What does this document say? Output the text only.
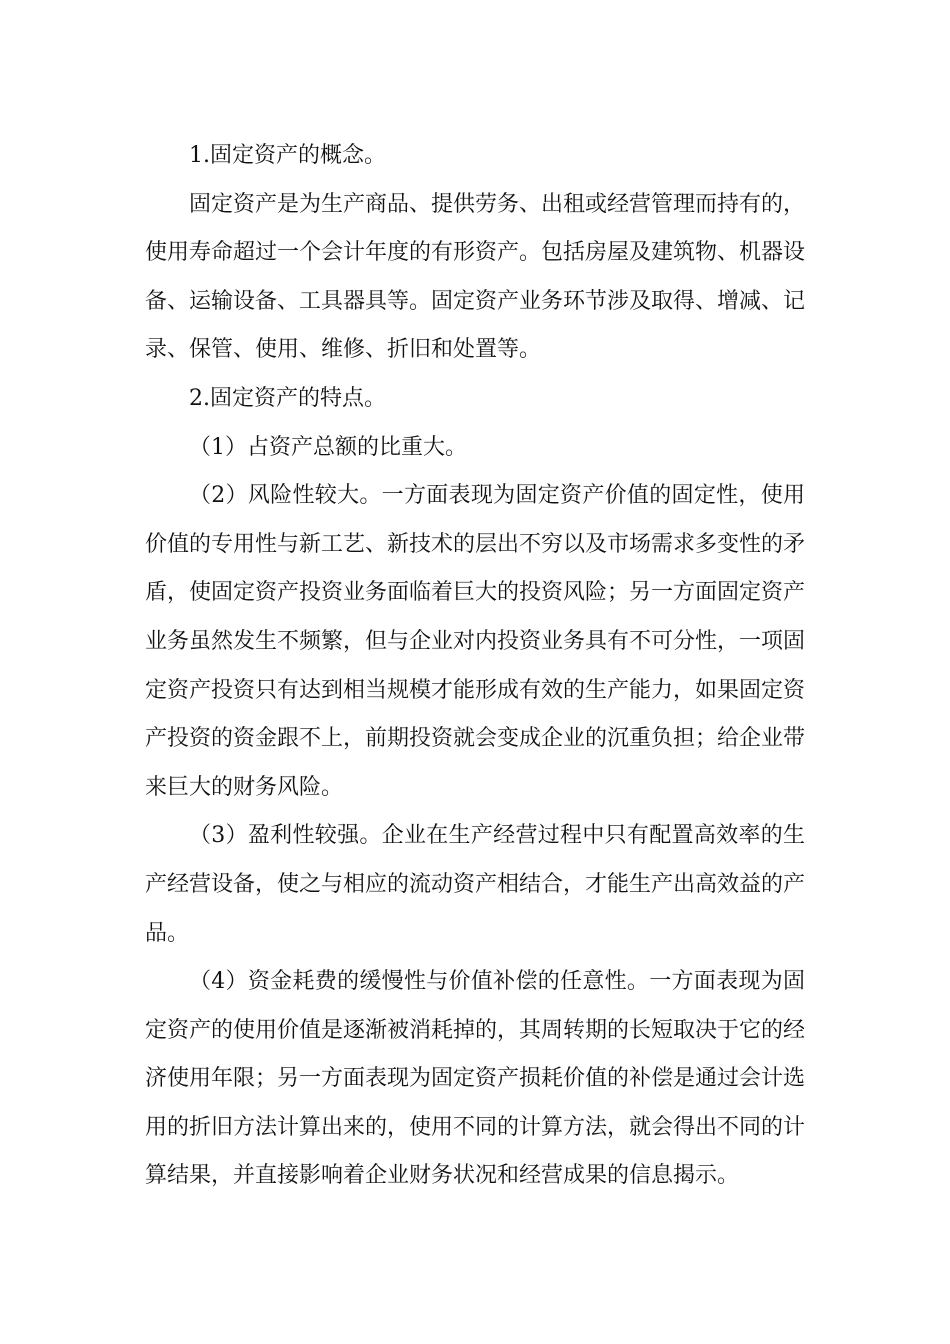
1.固定资产的概念。

固定资产是为生产商品、提供劳务、出租或经营管理而持有的，使用寿命超过一个会计年度的有形资产。包括房屋及建筑物、机器设备、运输设备、工具器具等。固定资产业务环节涉及取得、增减、记录、保管、使用、维修、折旧和处置等。

2.固定资产的特点。

（1）占资产总额的比重大。

（2）风险性较大。一方面表现为固定资产价值的固定性，使用价值的专用性与新工艺、新技术的层出不穷以及市场需求多变性的矛盾，使固定资产投资业务面临着巨大的投资风险；另一方面固定资产业务虽然发生不频繁，但与企业对内投资业务具有不可分性，一项固定资产投资只有达到相当规模才能形成有效的生产能力，如果固定资产投资的资金跟不上，前期投资就会变成企业的沉重负担；给企业带来巨大的财务风险。

（3）盈利性较强。企业在生产经营过程中只有配置高效率的生产经营设备，使之与相应的流动资产相结合，才能生产出高效益的产品。

（4）资金耗费的缓慢性与价值补偿的任意性。一方面表现为固定资产的使用价值是逐渐被消耗掉的，其周转期的长短取决于它的经济使用年限；另一方面表现为固定资产损耗价值的补偿是通过会计选用的折旧方法计算出来的，使用不同的计算方法，就会得出不同的计算结果，并直接影响着企业财务状况和经营成果的信息揭示。
